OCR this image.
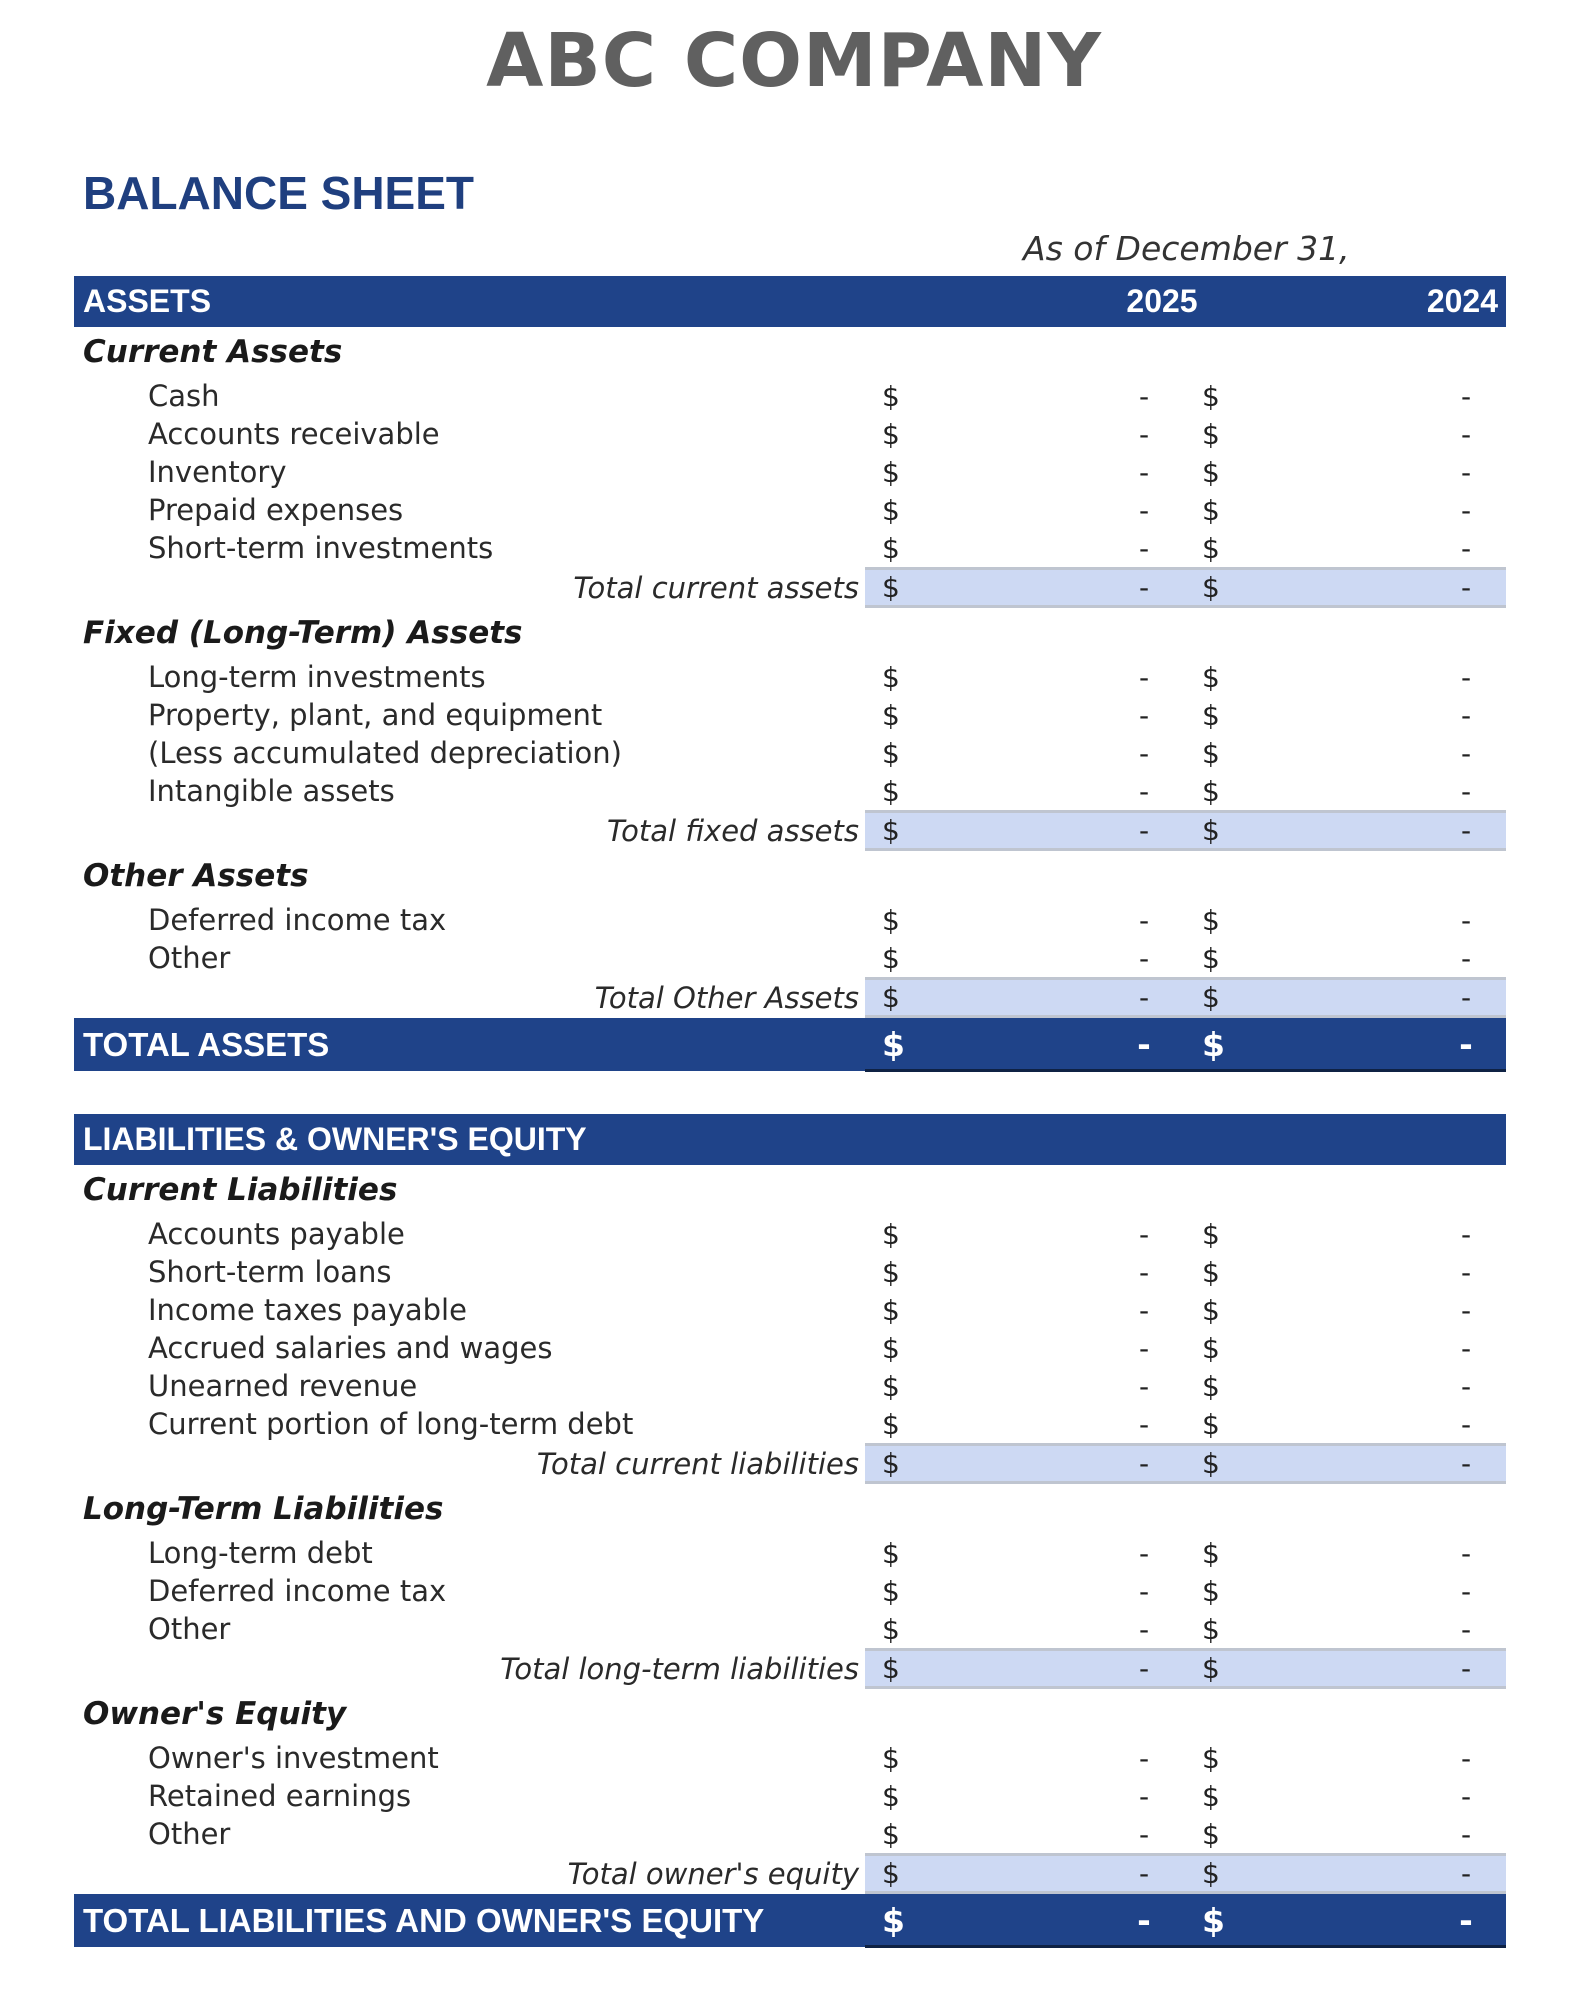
ABC COMPANY
BALANCE SHEET
As of December 31,
ASSETS	2025	2024
Current Assets
Cash	$	-	$	-
Accounts receivable	$	-	$	-
Inventory	$	-	$	-
Prepaid expenses	$	-	$	-
Short-term investments	$	-	$	-
Total current assets $	-	$	-
Fixed (Long-Term) Assets
Long-term investments	$	-	$	-
Property, plant, and equipment	$	-	$	-
(Less accumulated depreciation)	$	-	$	-
Intangible assets	$	-	$	-
Total fixed assets $	-	$	-
Other Assets
Deferred income tax	$	-	$	-
Other	$	-	$	-
Total Other Assets $	-	$	-
TOTAL ASSETS	$	-	$	-
LIABILITIES & OWNER'S EQUITY
Current Liabilities
Accounts payable	$	-	$	-
Short-term loans	$	-	$	-
Income taxes payable	$	-	$	-
Accrued salaries and wages	$	-	$	-
Unearned revenue	$	-	$	-
Current portion of long-term debt	$	-	$	-
Total current liabilities $	-	$	-
Long-Term Liabilities
Long-term debt	$	-	$	-
Deferred income tax	$	-	$	-
Other	$	-	$	-
Total long-term liabilities $	-	$	-
Owner's Equity
Owner's investment	$	-	$	-
Retained earnings	$	-	$	-
Other	$	-	$	-
Total owner's equity $	-	$	-
TOTAL LIABILITIES AND OWNER'S EQUITY	$	-	$	-
